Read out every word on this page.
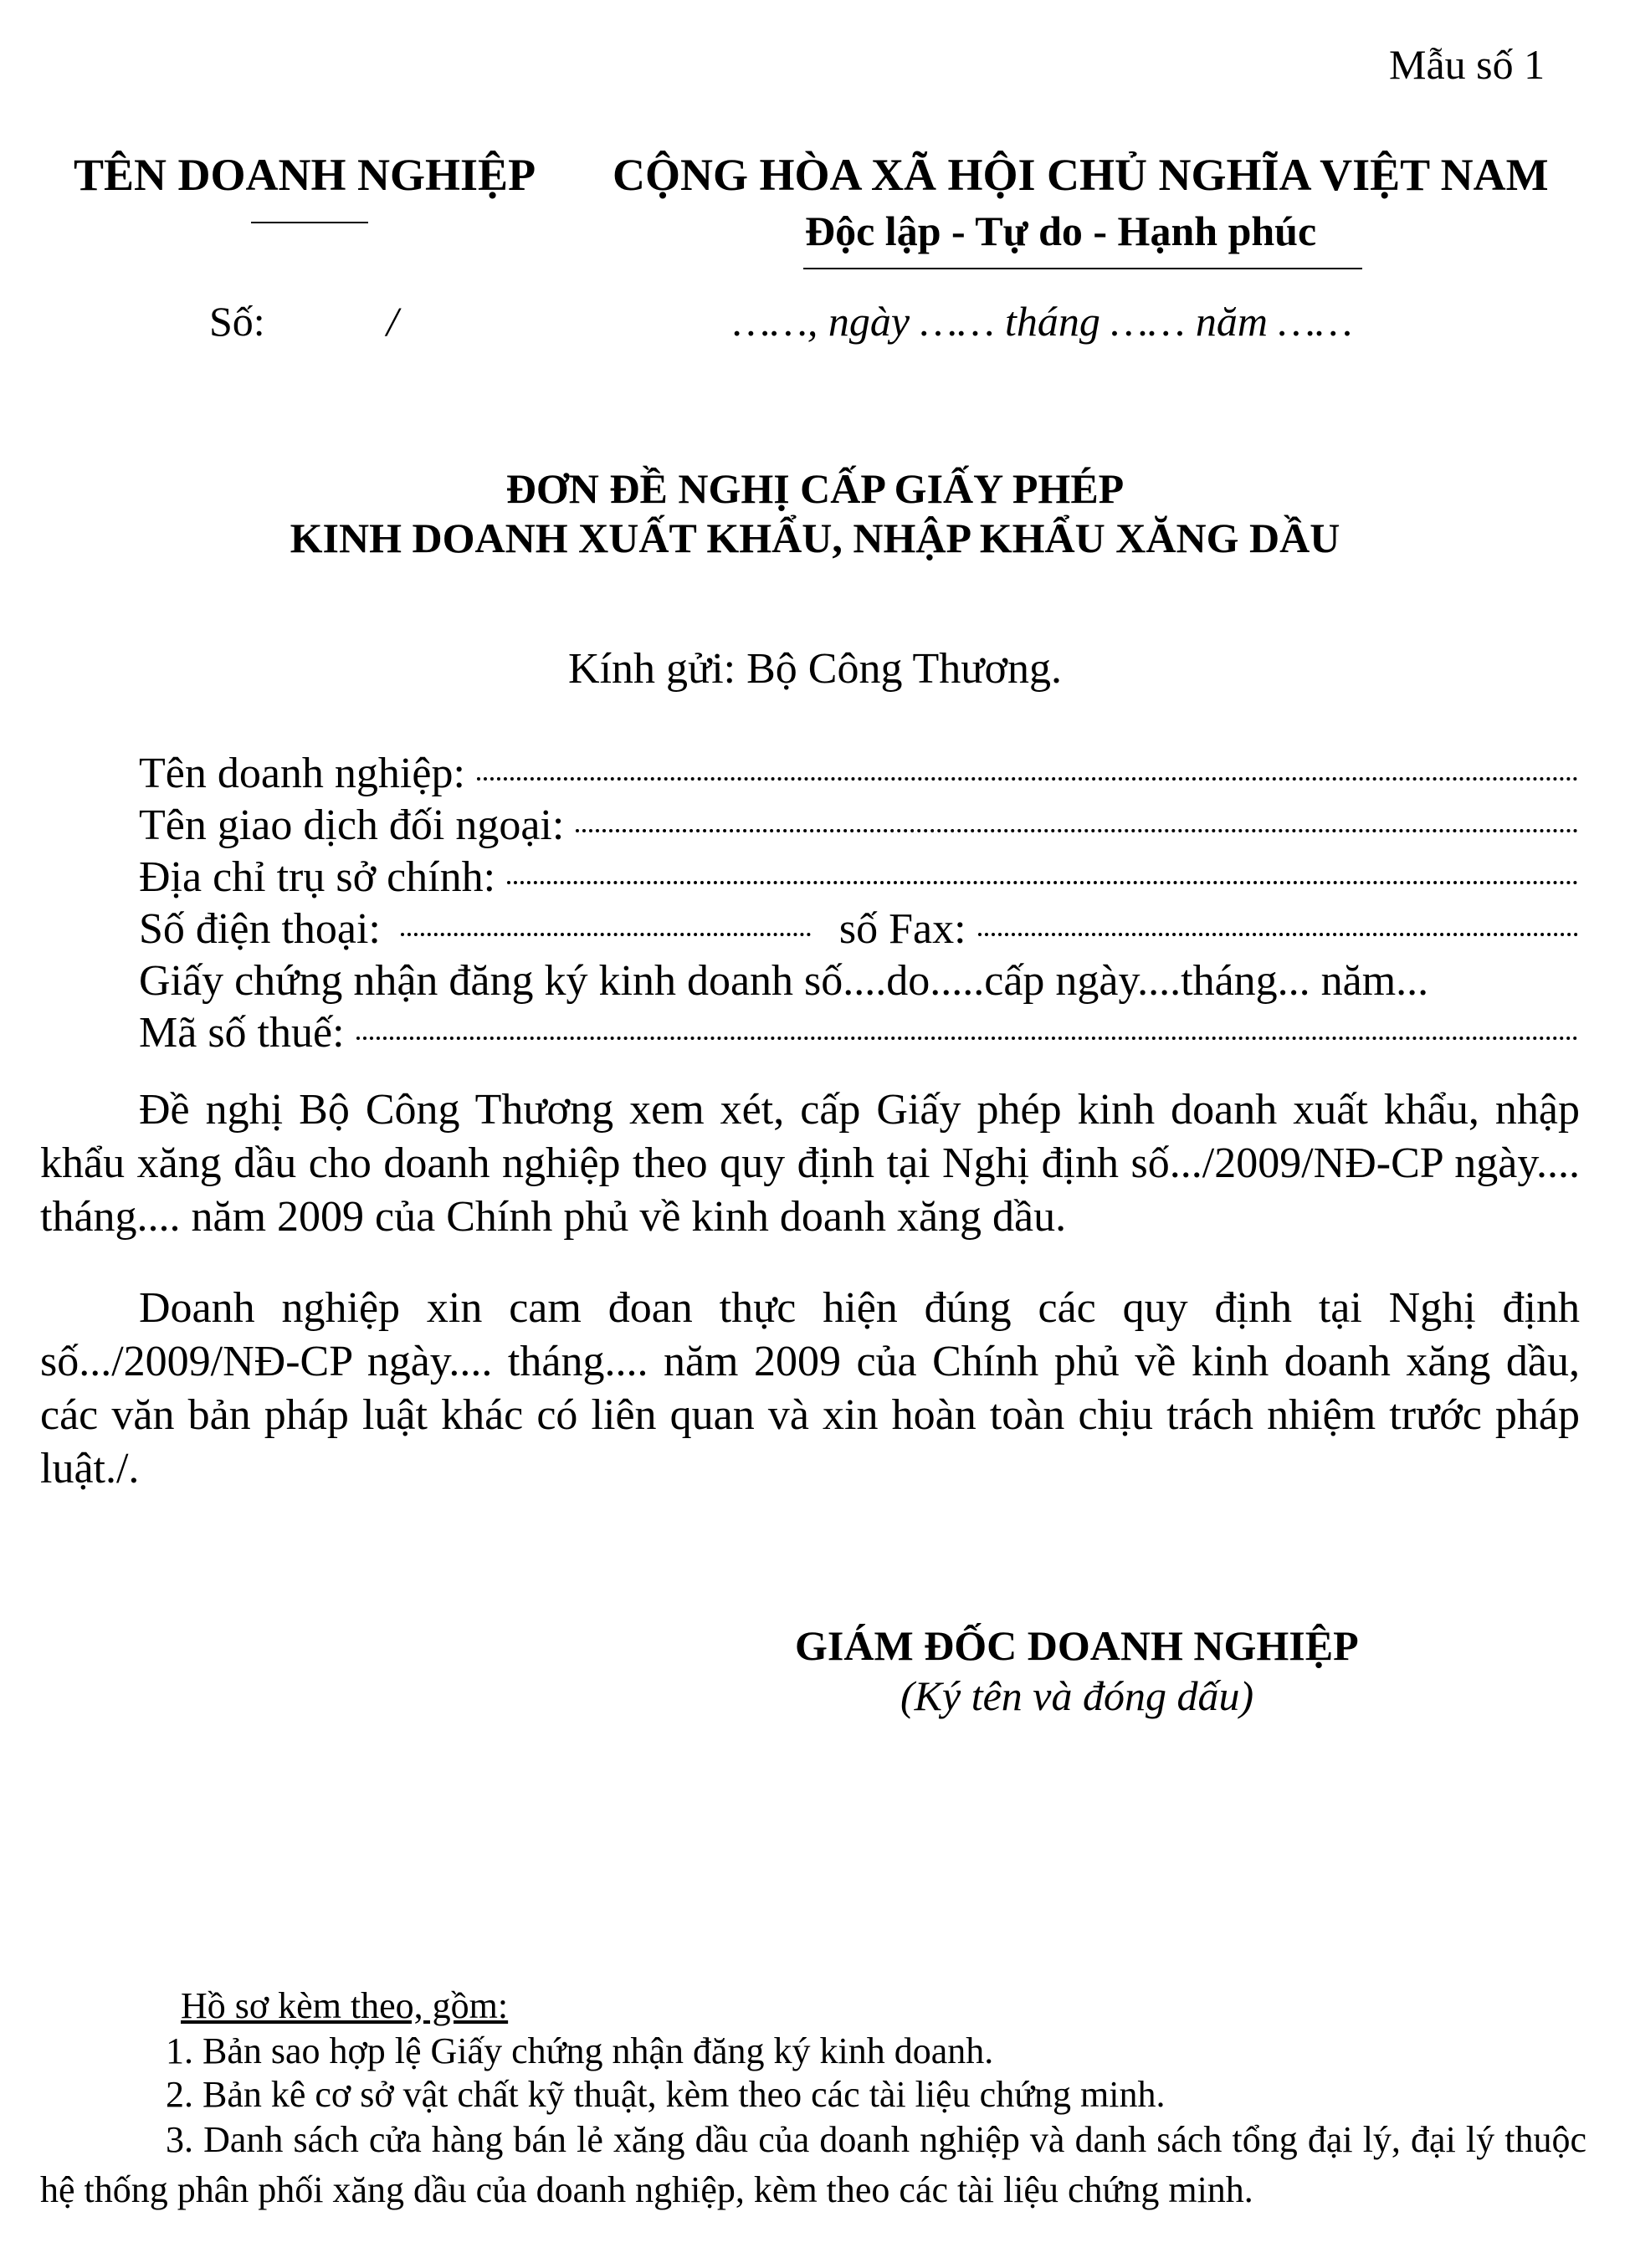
Mẫu số 1
TÊN DOANH NGHIỆP CỘNG HÒA XÃ HỘI CHỦ NGHĨA VIỆT NAM
Độc lập - Tự do - Hạnh phúc
Số:	/	……, ngày …… tháng …… năm ……
ĐƠN ĐỀ NGHỊ CẤP GIẤY PHÉP
KINH DOANH XUẤT KHẨU, NHẬP KHẨU XĂNG DẦU
Kính gửi: Bộ Công Thương.
Tên doanh nghiệp:
Tên giao dịch đối ngoại:
Địa chỉ trụ sở chính:
Số điện thoại:	số Fax:
Giấy chứng nhận đăng ký kinh doanh số....do.....cấp ngày....tháng... năm...
Mã số thuế:
Đề nghị Bộ Công Thương xem xét, cấp Giấy phép kinh doanh xuất khẩu, nhập khẩu xăng dầu cho doanh nghiệp theo quy định tại Nghị định số.../2009/NĐ-CP ngày.... tháng.... năm 2009 của Chính phủ về kinh doanh xăng dầu.
Doanh nghiệp xin cam đoan thực hiện đúng các quy định tại Nghị định số.../2009/NĐ-CP ngày.... tháng.... năm 2009 của Chính phủ về kinh doanh xăng dầu, các văn bản pháp luật khác có liên quan và xin hoàn toàn chịu trách nhiệm trước pháp luật./.
GIÁM ĐỐC DOANH NGHIỆP
(Ký tên và đóng dấu)
Hồ sơ kèm theo, gồm:
1. Bản sao hợp lệ Giấy chứng nhận đăng ký kinh doanh.
2. Bản kê cơ sở vật chất kỹ thuật, kèm theo các tài liệu chứng minh.
3. Danh sách cửa hàng bán lẻ xăng dầu của doanh nghiệp và danh sách tổng đại lý, đại lý thuộc hệ thống phân phối xăng dầu của doanh nghiệp, kèm theo các tài liệu chứng minh.
